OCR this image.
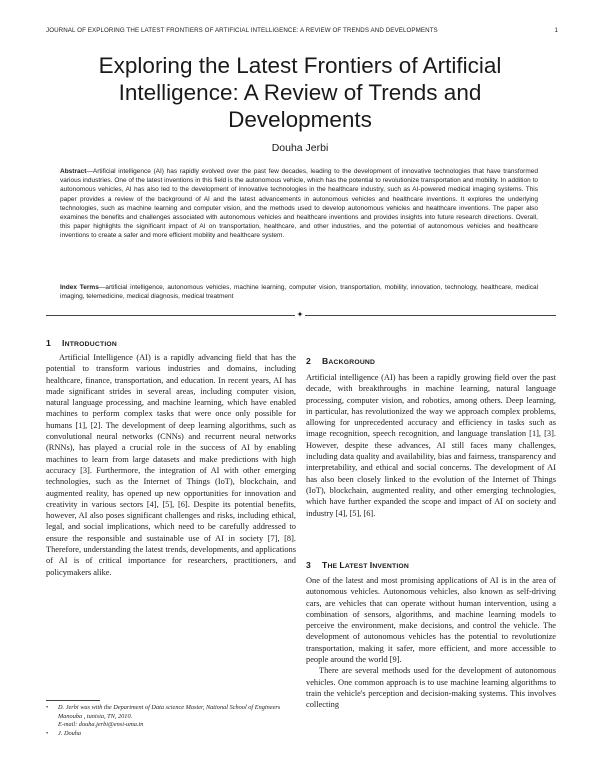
JOURNAL OF EXPLORING THE LATEST FRONTIERS OF ARTIFICIAL INTELLIGENCE: A REVIEW OF TRENDS AND DEVELOPMENTS	1
Exploring the Latest Frontiers of Artificial Intelligence: A Review of Trends and Developments
Douha Jerbi
Abstract—Artificial intelligence (AI) has rapidly evolved over the past few decades, leading to the development of innovative technologies that have transformed various industries. One of the latest inventions in this field is the autonomous vehicle, which has the potential to revolutionize transportation and mobility. In addition to autonomous vehicles, AI has also led to the development of innovative technologies in the healthcare industry, such as AI-powered medical imaging systems. This paper provides a review of the background of AI and the latest advancements in autonomous vehicles and healthcare inventions. It explores the underlying technologies, such as machine learning and computer vision, and the methods used to develop autonomous vehicles and healthcare inventions. The paper also examines the benefits and challenges associated with autonomous vehicles and healthcare inventions and provides insights into future research directions. Overall, this paper highlights the significant impact of AI on transportation, healthcare, and other industries, and the potential of autonomous vehicles and healthcare inventions to create a safer and more efficient mobility and healthcare system.
Index Terms—artificial intelligence, autonomous vehicles, machine learning, computer vision, transportation, mobility, innovation, technology, healthcare, medical imaging, telemedicine, medical diagnosis, medical treatment
✦
1 INTRODUCTION

Artificial Intelligence (AI) is a rapidly advancing field that has the potential to transform various industries and domains, including healthcare, finance, transportation, and education. In recent years, AI has made significant strides in several areas, including computer vision, natural language processing, and machine learning, which have enabled machines to perform complex tasks that were once only possible for humans [1], [2]. The development of deep learning algorithms, such as convolutional neural networks (CNNs) and recurrent neural networks (RNNs), has played a crucial role in the success of AI by enabling machines to learn from large datasets and make predictions with high accuracy [3]. Furthermore, the integration of AI with other emerging technologies, such as the Internet of Things (IoT), blockchain, and augmented reality, has opened up new opportunities for innovation and creativity in various sectors [4], [5], [6]. Despite its potential benefits, however, AI also poses significant challenges and risks, including ethical, legal, and social implications, which need to be carefully addressed to ensure the responsible and sustainable use of AI in society [7], [8]. Therefore, understanding the latest trends, developments, and applications of AI is of critical importance for researchers, practitioners, and policymakers alike.

2 BACKGROUND

Artificial intelligence (AI) has been a rapidly growing field over the past decade, with breakthroughs in machine learning, natural language processing, computer vision, and robotics, among others. Deep learning, in particular, has revolutionized the way we approach complex problems, allowing for unprecedented accuracy and efficiency in tasks such as image recognition, speech recognition, and language translation [1], [3]. However, despite these advances, AI still faces many challenges, including data quality and availability, bias and fairness, transparency and interpretability, and ethical and social concerns. The development of AI has also been closely linked to the evolution of the Internet of Things (IoT), blockchain, augmented reality, and other emerging technologies, which have further expanded the scope and impact of AI on society and industry [4], [5], [6].

3 THE LATEST INVENTION

One of the latest and most promising applications of AI is in the area of autonomous vehicles. Autonomous vehicles, also known as self-driving cars, are vehicles that can operate without human intervention, using a combination of sensors, algorithms, and machine learning models to perceive the environment, make decisions, and control the vehicle. The development of autonomous vehicles has the potential to revolutionize transportation, making it safer, more efficient, and more accessible to people around the world [9].

There are several methods used for the development of autonomous vehicles. One common approach is to use machine learning algorithms to train the vehicle's perception and decision-making systems. This involves collecting

•	D. Jerbi was with the Department of Data science Master, National School of Engineers Manouba , tunisia, TN, 2010.
E-mail: douha.jerbi@ensi-uma.tn
•	J. Douha
